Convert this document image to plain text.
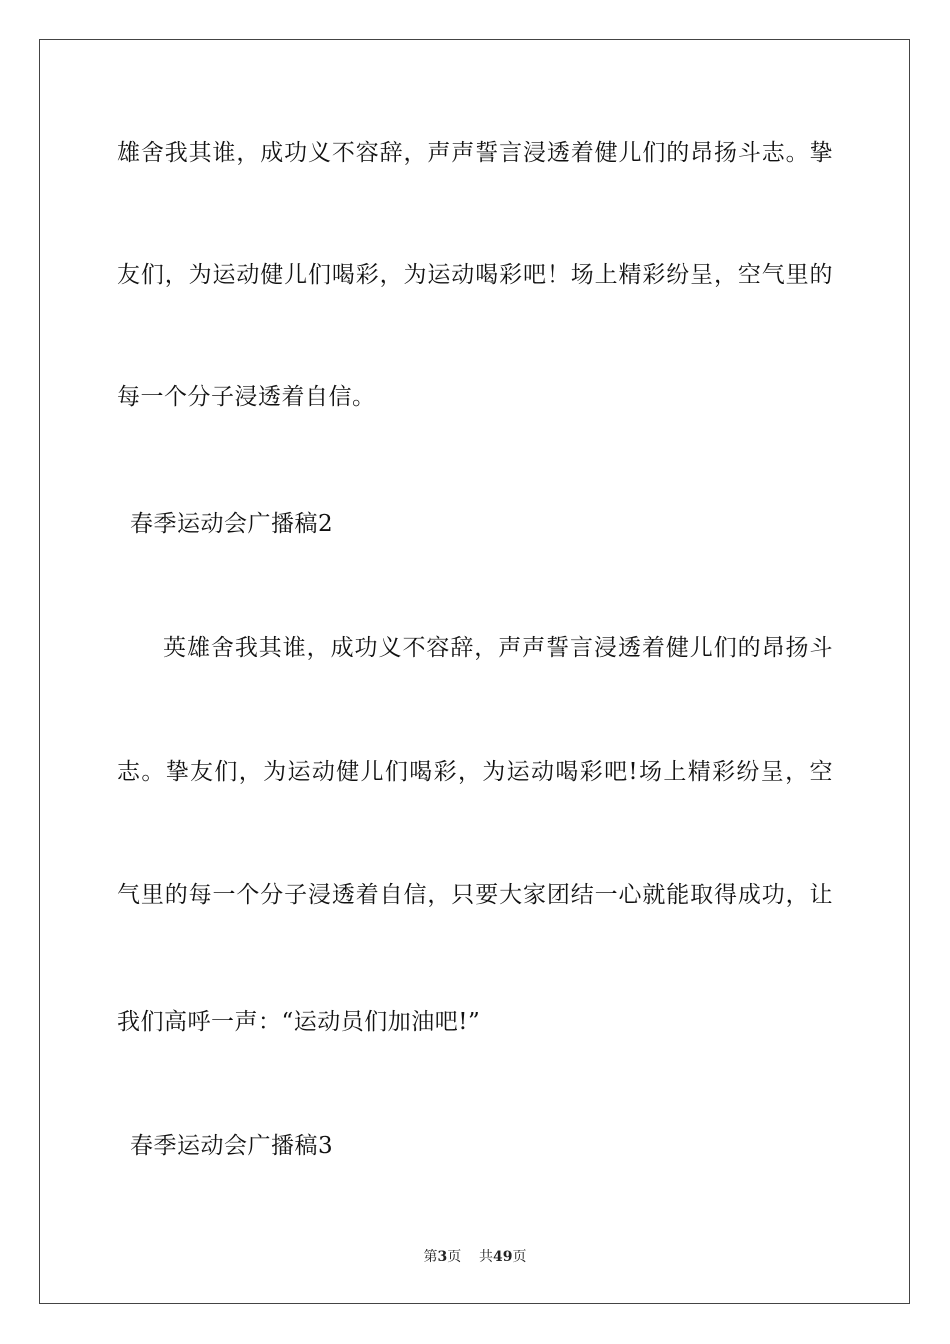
雄舍我其谁，成功义不容辞，声声誓言浸透着健儿们的昂扬斗志。挚
友们，为运动健儿们喝彩，为运动喝彩吧！场上精彩纷呈，空气里的
每一个分子浸透着自信。
春季运动会广播稿2
英雄舍我其谁，成功义不容辞，声声誓言浸透着健儿们的昂扬斗
志。挚友们，为运动健儿们喝彩，为运动喝彩吧!场上精彩纷呈，空
气里的每一个分子浸透着自信，只要大家团结一心就能取得成功，让
我们高呼一声：“运动员们加油吧!”
春季运动会广播稿3
第3页 共49页
